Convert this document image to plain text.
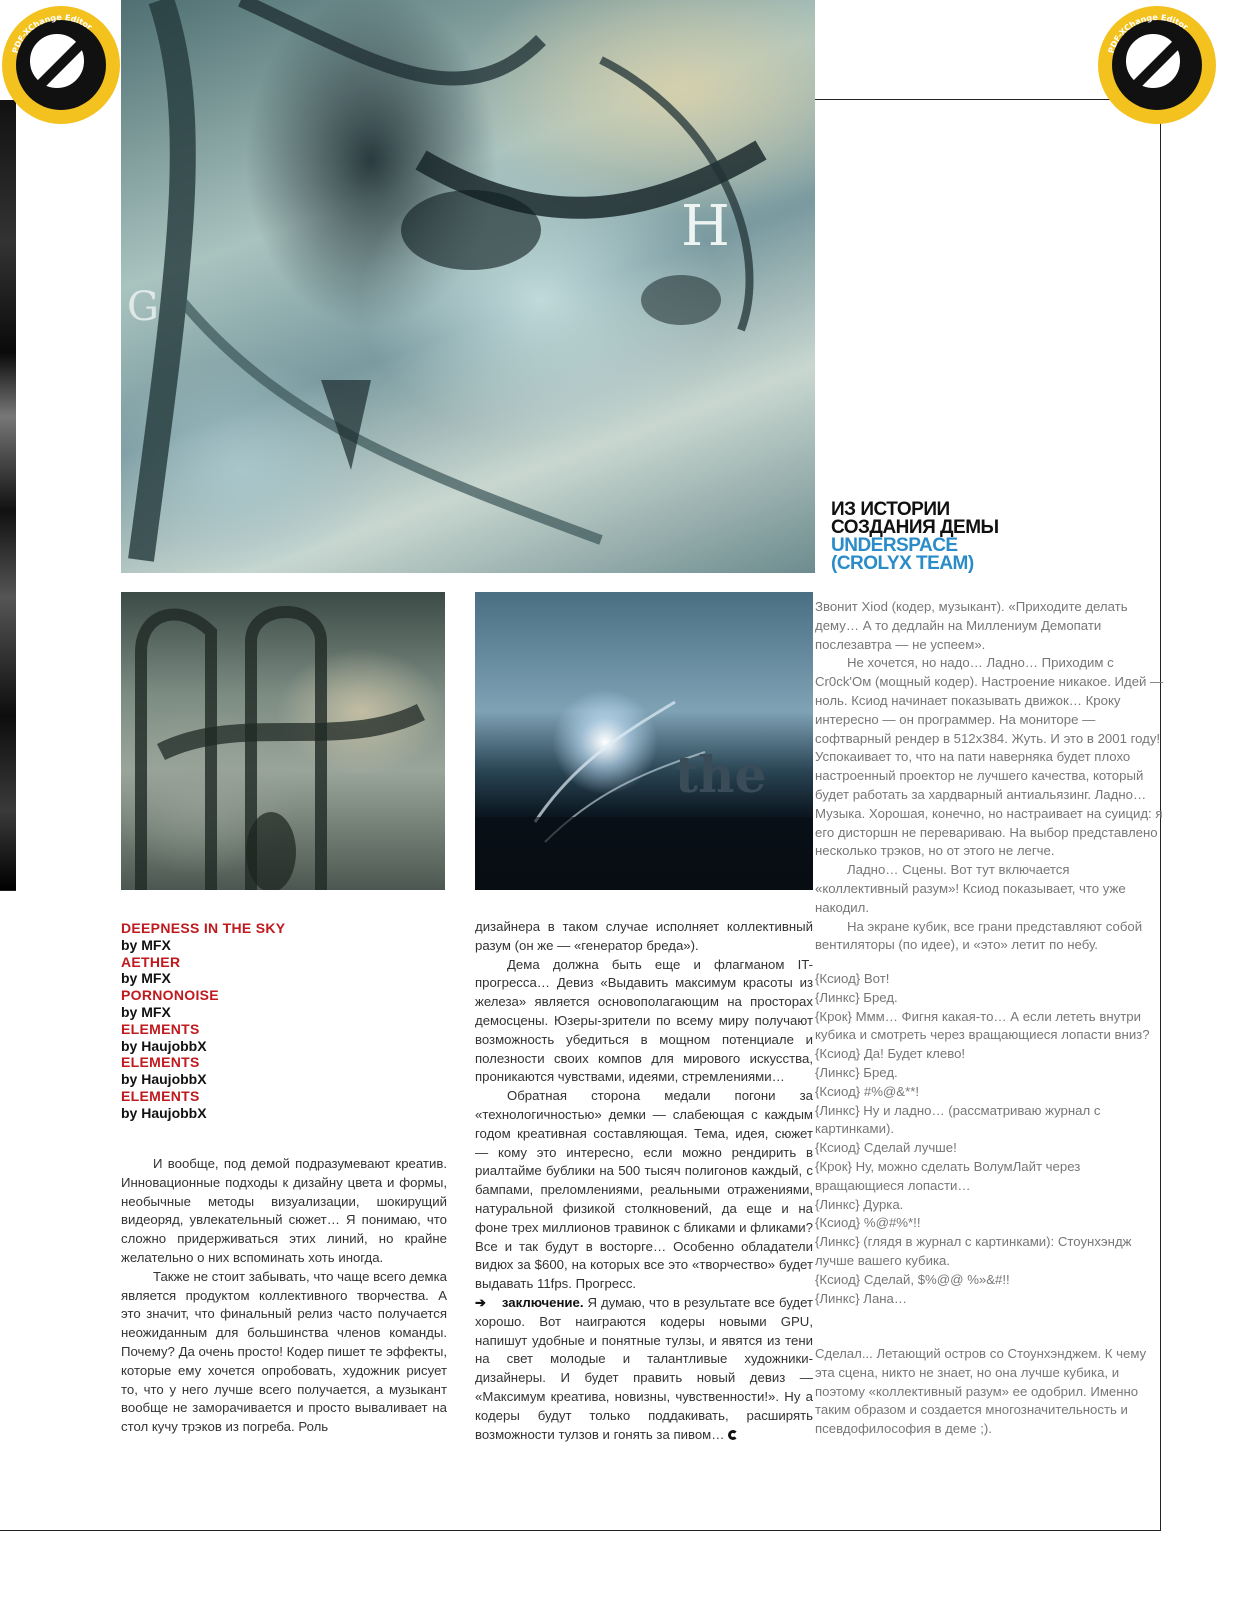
H
G
the
PDF-XChange Editor
PDF-XChange Editor
ИЗ ИСТОРИИ
СОЗДАНИЯ ДЕМЫ
UNDERSPACE
(CROLYX TEAM)

Звонит Xiod (кодер, музыкант). «Приходите делать дему… А то дедлайн на Миллениум Демопати послезавтра — не успеем».

Не хочется, но надо… Ладно… Приходим с Cr0ck'Ом (мощный кодер). Настроение никакое. Идей — ноль. Ксиод начинает показывать движок… Кроку интересно — он программер. На мониторе — софтварный рендер в 512x384. Жуть. И это в 2001 году! Успокаивает то, что на пати наверняка будет плохо настроенный проектор не лучшего качества, который будет работать за хардварный антиальязинг. Ладно… Музыка. Хорошая, конечно, но настраивает на суицид: я его дисторшн не перевариваю. На выбор представлено несколько трэков, но от этого не легче.

Ладно… Сцены. Вот тут включается «коллективный разум»! Ксиод показывает, что уже накодил.

На экране кубик, все грани представляют собой вентиляторы (по идее), и «это» летит по небу.

{Ксиод} Вот!
{Линкс} Бред.
{Крок} Ммм… Фигня какая-то… А если лететь внутри кубика и смотреть через вращающиеся лопасти вниз?
{Ксиод} Да! Будет клево!
{Линкс} Бред.
{Ксиод} #%@&**!
{Линкс} Ну и ладно… (рассматриваю журнал с картинками).
{Ксиод} Сделай лучше!
{Крок} Ну, можно сделать ВолумЛайт через вращающиеся лопасти…
{Линкс} Дурка.
{Ксиод} %@#%*!!
{Линкс} (глядя в журнал с картинками): Стоунхэндж лучше вашего кубика.
{Ксиод} Сделай, $%@@ %»&#!!
{Линкс} Лана…
Сделал... Летающий остров со Стоунхэнджем. К чему эта сцена, никто не знает, но она лучше кубика, и поэтому «коллективный разум» ее одобрил. Именно таким образом и создается многозначительность и псевдофилософия в деме ;).
DEEPNESS IN THE SKY
by MFX
AETHER
by MFX
PORNONOISE
by MFX
ELEMENTS
by HaujobbX
ELEMENTS
by HaujobbX
ELEMENTS
by HaujobbX

И вообще, под демой подразумевают креатив. Инновационные подходы к дизайну цвета и формы, необычные методы визуализации, шокирущий видеоряд, увлекательный сюжет… Я понимаю, что сложно придерживаться этих линий, но крайне желательно о них вспоминать хоть иногда.

Также не стоит забывать, что чаще всего демка является продуктом коллективного творчества. А это значит, что финальный релиз часто получается неожиданным для большинства членов команды. Почему? Да очень просто! Кодер пишет те эффекты, которые ему хочется опробовать, художник рисует то, что у него лучше всего получается, а музыкант вообще не заморачивается и просто вываливает на стол кучу трэков из погреба. Роль

дизайнера в таком случае исполняет коллективный разум (он же — «генератор бреда»).

Дема должна быть еще и флагманом IT-прогресса… Девиз «Выдавить максимум красоты из железа» является основополагающим на просторах демосцены. Юзеры-зрители по всему миру получают возможность убедиться в мощном потенциале и полезности своих компов для мирового искусства, проникаются чувствами, идеями, стремлениями…

Обратная сторона медали погони за «технологичностью» демки — слабеющая с каждым годом креативная составляющая. Тема, идея, сюжет — кому это интересно, если можно рендирить в риалтайме бублики на 500 тысяч полигонов каждый, с бампами, преломлениями, реальными отражениями, натуральной физикой столкновений, да еще и на фоне трех миллионов травинок с бликами и фликами? Все и так будут в восторге… Особенно обладатели видюх за $600, на которых все это «творчество» будет выдавать 11fps. Прогресс.

➔ заключение. Я думаю, что в результате все будет хорошо. Вот наиграются кодеры новыми GPU, напишут удобные и понятные тулзы, и явятся из тени на свет молодые и талантливые художники-дизайнеры. И будет править новый девиз — «Максимум креатива, новизны, чувственности!». Ну а кодеры будут только поддакивать, расширять возможности тулзов и гонять за пивом…
